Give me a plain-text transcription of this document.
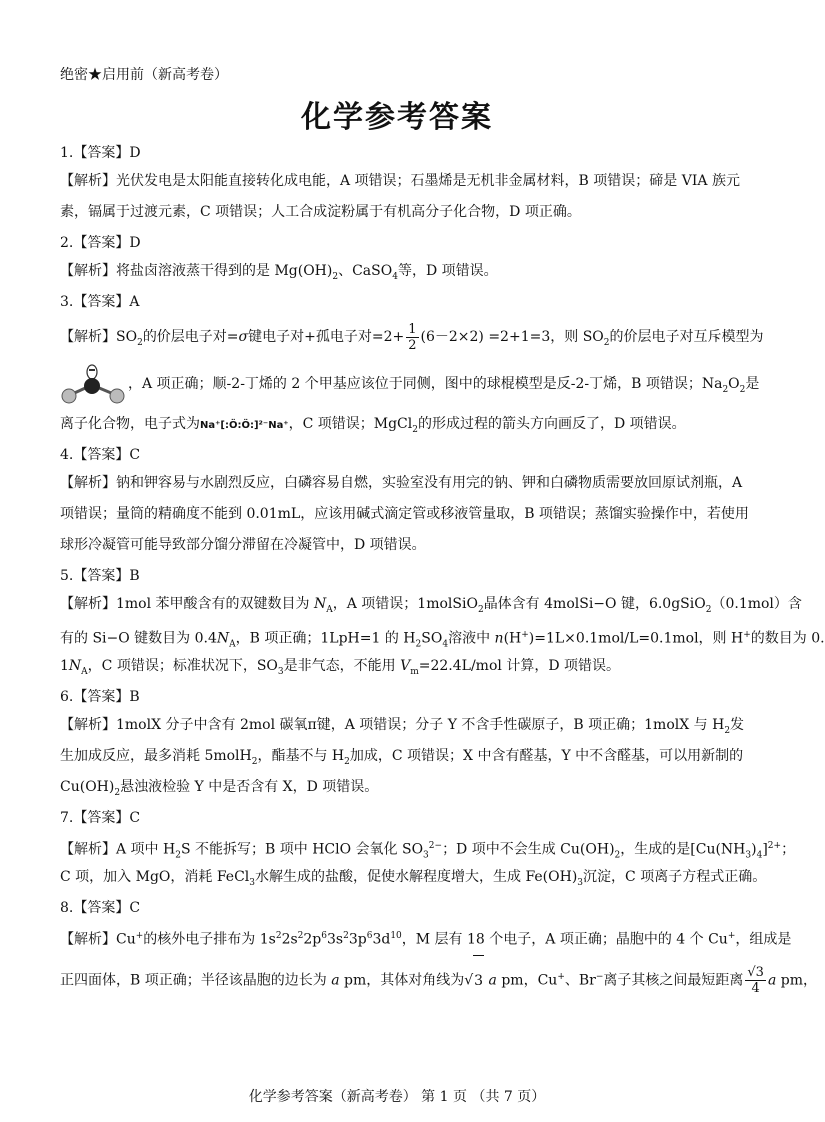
绝密★启用前（新高考卷）
化学参考答案
1.【答案】D
【解析】光伏发电是太阳能直接转化成电能，A 项错误；石墨烯是无机非金属材料，B 项错误；碲是 VIA 族元
素，镉属于过渡元素，C 项错误；人工合成淀粉属于有机高分子化合物，D 项正确。
2.【答案】D
【解析】将盐卤溶液蒸干得到的是 $Mg(OH)_2$、CaSO$_4$等，D 项错误。
3.【答案】A
【解析】$SO_2$的价层电子对=σ键电子对+孤电子对$=2+ \frac{1}{2} (6-2\times 2) =2+1=3$，则 $SO_2$的价层电子对互斥模型为
，A 项正确；顺-2-丁烯的 2 个甲基应该位于同侧，图中的球棍模型是反-2-丁烯，B 项错误；$Na_2O_2$是
离子化合物，电子式为Na⁺[:Ö:Ö:]²⁻Na⁺，C 项错误；MgCl$_2$的形成过程的箭头方向画反了，D 项错误。
4.【答案】C
【解析】钠和钾容易与水剧烈反应，白磷容易自燃，实验室没有用完的钠、钾和白磷物质需要放回原试剂瓶，A
项错误；量筒的精确度不能到 0.01mL，应该用碱式滴定管或移液管量取，B 项错误；蒸馏实验操作中，若使用
球形冷凝管可能导致部分馏分滞留在冷凝管中，D 项错误。
5.【答案】B
【解析】1mol 苯甲酸含有的双键数目为 $N_A$，A 项错误；1molSiO$_2$晶体含有 4molSi−O 键，6.0gSiO$_2$（0.1mol）含
有的 Si−O 键数目为 $0.4N_A$，B 项正确；1LpH=1 的 $H_2SO_4$溶液中 n(H+)=1L×0.1mol/L=0.1mol，则 H+的数目为 0.
$1N_A$，C 项错误；标准状况下，$SO_3$是非气态，不能用 $V_m=22.4L$/mol 计算，D 项错误。
6.【答案】B
【解析】1molX 分子中含有 2mol 碳氧π键，A 项错误；分子 Y 不含手性碳原子，B 项正确；1molX 与 $H_2$发
生加成反应，最多消耗 5molH$_2$，酯基不与 $H_2$加成，C 项错误；X 中含有醛基，Y 中不含醛基，可以用新制的
$Cu(OH)_2$悬浊液检验 Y 中是否含有 X，D 项错误。
7.【答案】C
【解析】A 项中 $H_2S$ 不能拆写；B 项中 HClO 会氧化 $SO_3^{2-}$；D 项中不会生成 $Cu(OH)_2$，生成的是$[Cu(NH_3)_4]^{2+}$；
C 项，加入 MgO，消耗 FeCl$_3$水解生成的盐酸，促使水解程度增大，生成 $Fe(OH)_3$沉淀，C 项离子方程式正确。
8.【答案】C
【解析】Cu+的核外电子排布为 $1s^22s^22p^63s^23p^63d^{10}$，M 层有 18 个电子，A 项正确；晶胞中的 4 个 Cu+，组成是
正四面体，B 项正确；半径该晶胞的边长为 a pm，其体对角线为√3 a pm，Cu+、Br−离子其核之间最短距离 $\frac{√3}{4}$ a pm，
化学参考答案（新高考卷） 第 1 页 （共 7 页）
